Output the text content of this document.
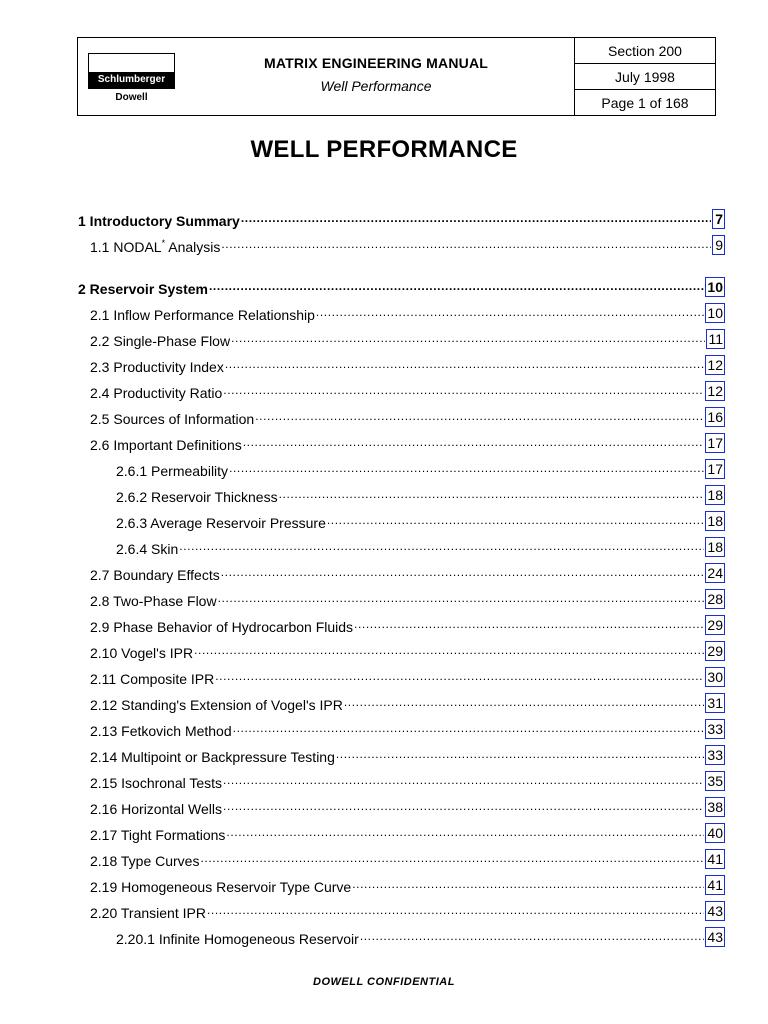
Schlumberger
Dowell
MATRIX ENGINEERING MANUAL
Well Performance
Section 200
July 1998
Page 1 of 168
WELL PERFORMANCE
1 Introductory Summary .....	7
1.1 NODAL* Analysis .....	9
2 Reservoir System .....	10
2.1 Inflow Performance Relationship .....	10
2.2 Single-Phase Flow .....	11
2.3 Productivity Index .....	12
2.4 Productivity Ratio .....	12
2.5 Sources of Information .....	16
2.6 Important Definitions .....	17
2.6.1 Permeability .....	17
2.6.2 Reservoir Thickness .....	18
2.6.3 Average Reservoir Pressure .....	18
2.6.4 Skin .....	18
2.7 Boundary Effects .....	24
2.8 Two-Phase Flow .....	28
2.9 Phase Behavior of Hydrocarbon Fluids .....	29
2.10 Vogel's IPR .....	29
2.11 Composite IPR .....	30
2.12 Standing's Extension of Vogel's IPR .....	31
2.13 Fetkovich Method .....	33
2.14 Multipoint or Backpressure Testing .....	33
2.15 Isochronal Tests .....	35
2.16 Horizontal Wells .....	38
2.17 Tight Formations .....	40
2.18 Type Curves .....	41
2.19 Homogeneous Reservoir Type Curve .....	41
2.20 Transient IPR .....	43
2.20.1 Infinite Homogeneous Reservoir .....	43
DOWELL CONFIDENTIAL
